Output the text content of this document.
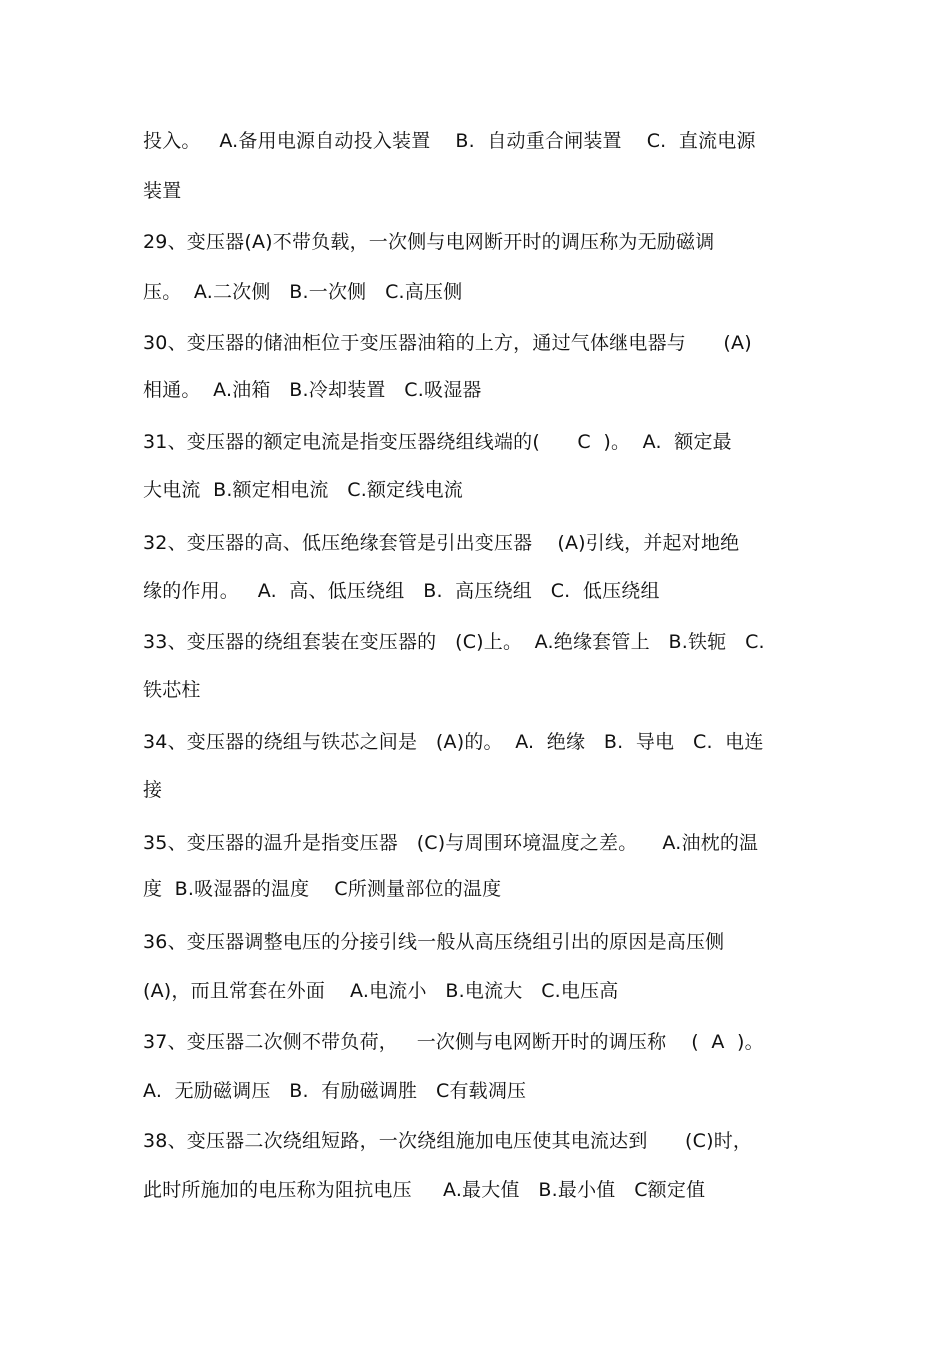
投入。   A.备用电源自动投入装置    B.  自动重合闸装置    C.  直流电源
装置
29、变压器(A)不带负载，一次侧与电网断开时的调压称为无励磁调
压。  A.二次侧   B.一次侧   C.高压侧
30、变压器的储油柜位于变压器油箱的上方，通过气体继电器与      (A)
相通。  A.油箱   B.冷却装置   C.吸湿器
31、变压器的额定电流是指变压器绕组线端的(      C  )。  A.  额定最
大电流  B.额定相电流   C.额定线电流
32、变压器的高、低压绝缘套管是引出变压器    (A)引线，并起对地绝
缘的作用。   A.  高、低压绕组   B.  高压绕组   C.  低压绕组
33、变压器的绕组套装在变压器的   (C)上。  A.绝缘套管上   B.铁轭   C.
铁芯柱
34、变压器的绕组与铁芯之间是   (A)的。  A.  绝缘   B.  导电   C.  电连
接
35、变压器的温升是指变压器   (C)与周围环境温度之差。    A.油枕的温
度  B.吸湿器的温度    C所测量部位的温度
36、变压器调整电压的分接引线一般从高压绕组引出的原因是高压侧
(A)，而且常套在外面    A.电流小   B.电流大   C.电压高
37、变压器二次侧不带负荷，   一次侧与电网断开时的调压称    (  A  )。
A.  无励磁调压   B.  有励磁调胜   C有载凋压
38、变压器二次绕组短路，一次绕组施加电压使其电流达到      (C)时，
此时所施加的电压称为阻抗电压     A.最大值   B.最小值   C额定值
